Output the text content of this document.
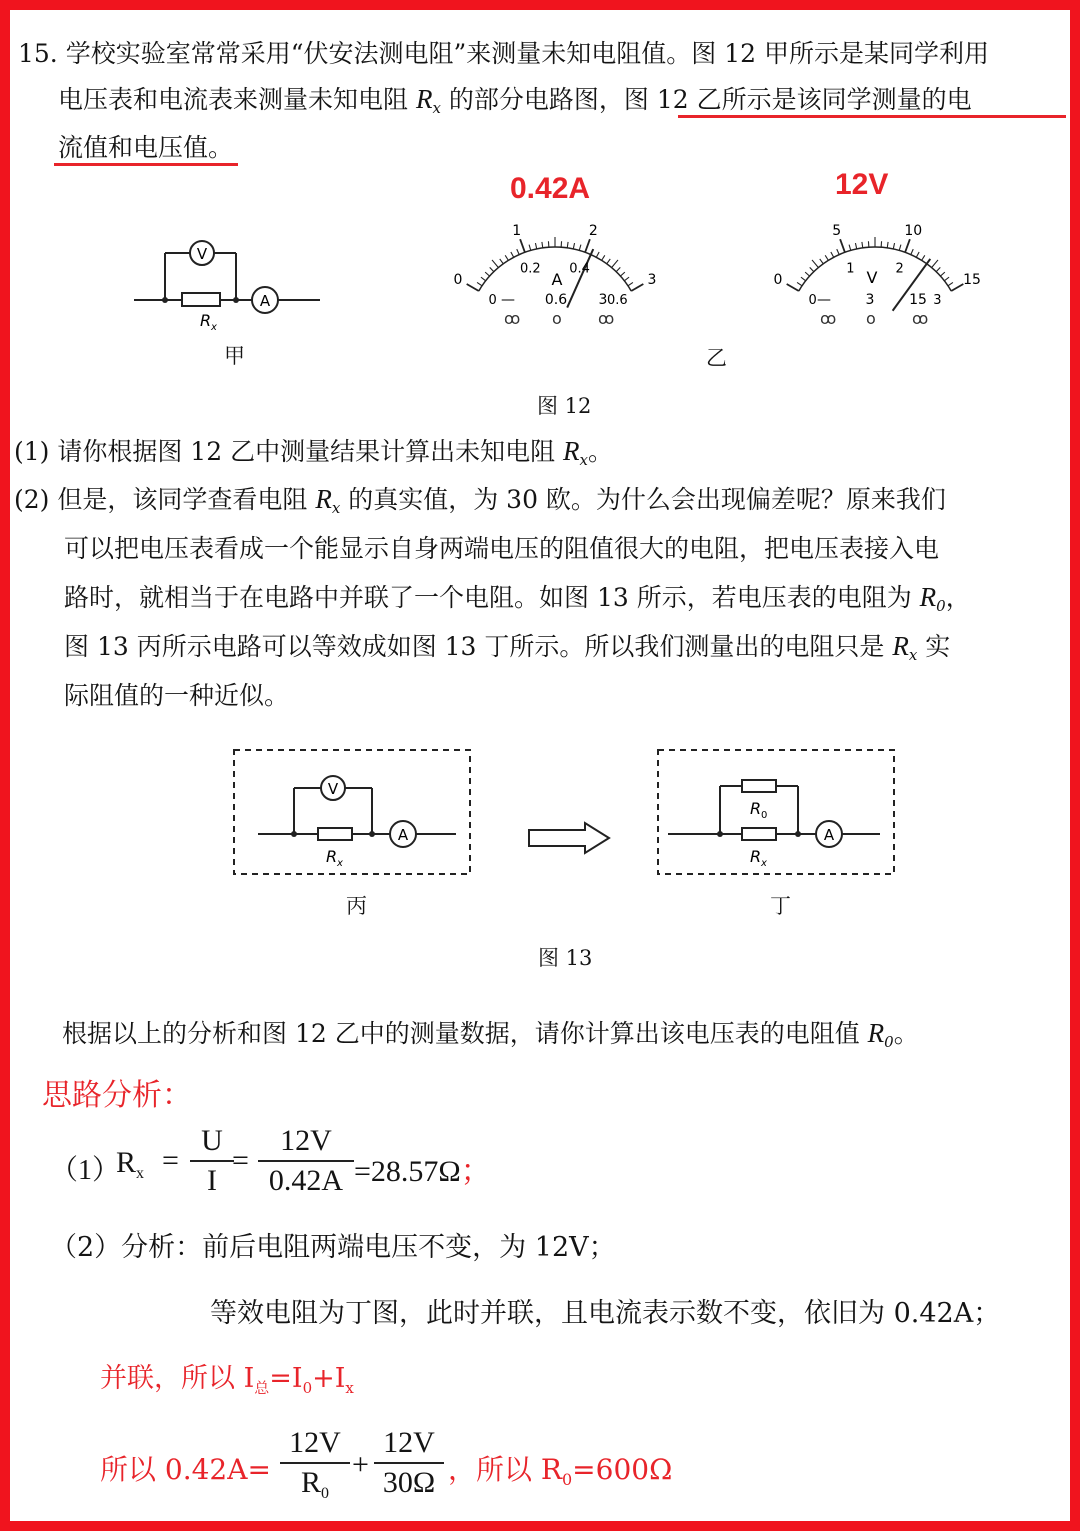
15. 学校实验室常常采用“伏安法测电阻”来测量未知电阻值。图 12 甲所示是某同学利用
电压表和电流表来测量未知电阻 $R_x$ 的部分电路图，图 12 乙所示是该同学测量的电
流值和电压值。
V
A
R x
甲
0.42A
0
1	2
3
0
0.2 0.4
0.6
A
— 0.6 3
ꝏ o ꝏ
12V
0
5	10
15
0
1	2
3
V
— 3 15
ꝏ o ꝏ
乙
图 12
(1) 请你根据图 12 乙中测量结果计算出未知电阻 $R_x$。
(2) 但是，该同学查看电阻 $R_x$ 的真实值，为 30 欧。为什么会出现偏差呢？原来我们
可以把电压表看成一个能显示自身两端电压的阻值很大的电阻，把电压表接入电
路时，就相当于在电路中并联了一个电阻。如图 13 所示，若电压表的电阻为 $R_0$，
图 13 丙所示电路可以等效成如图 13 丁所示。所以我们测量出的电阻只是 $R_x$ 实
际阻值的一种近似。
V
A
R x
丙
A
R 0
R x
丁
图 13
根据以上的分析和图 12 乙中的测量数据，请你计算出该电压表的电阻值 $R_0$。
思路分析：
（1）
$R_x$ =
U
I
=
12V
0.42A =28.57Ω；
（2）分析：前后电阻两端电压不变，为 12V；
等效电阻为丁图，此时并联，且电流表示数不变，依旧为 0.42A；
并联，所以 $I_总=I_0+I_x$
所以 0.42A=
12V
$R_0$
+
12V
30Ω ，所以 $R_0=600\Omega$
